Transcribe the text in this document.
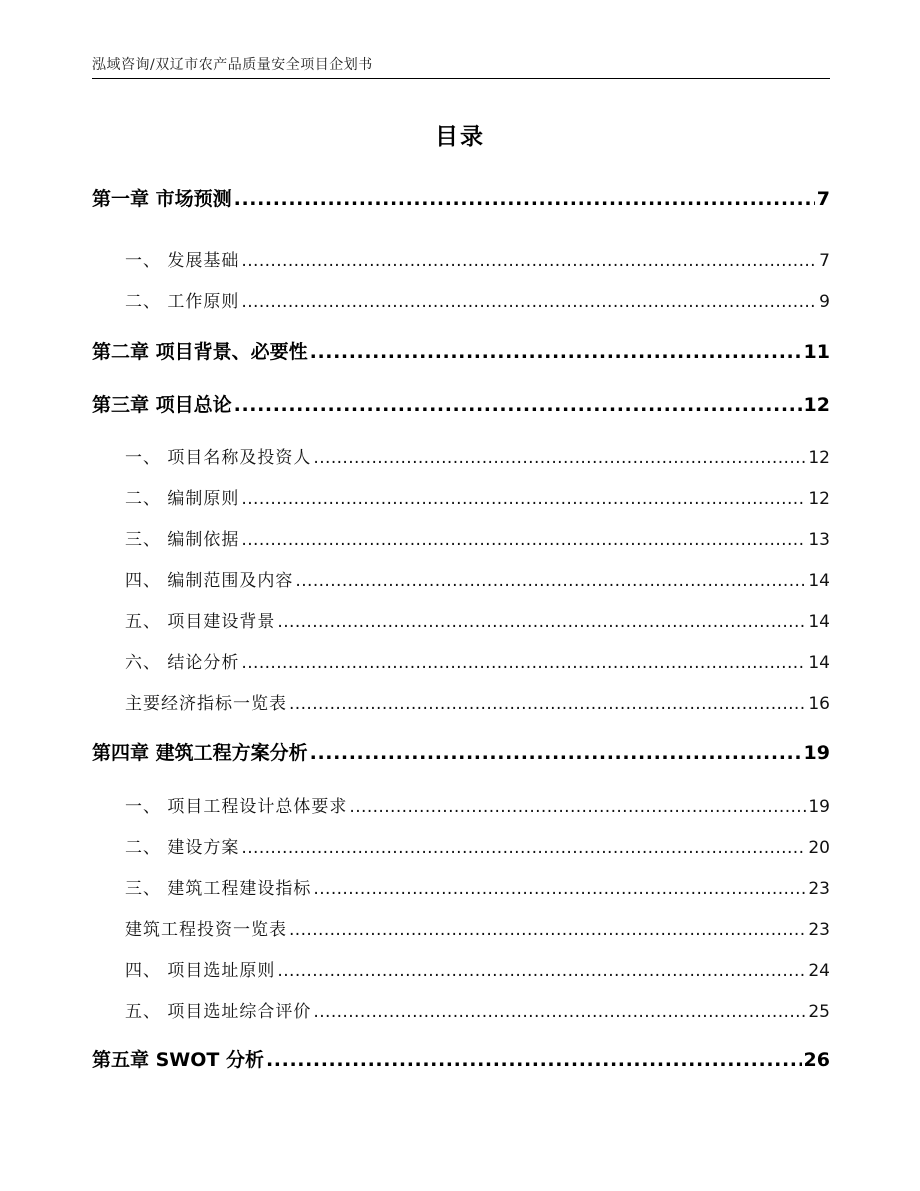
泓域咨询/双辽市农产品质量安全项目企划书
目录
第一章 市场预测 .....	7
一、 发展基础 .....	7
二、 工作原则 .....	9
第二章 项目背景、必要性 .....	11
第三章 项目总论 .....	12
一、 项目名称及投资人 .....	12
二、 编制原则 .....	12
三、 编制依据 .....	13
四、 编制范围及内容 .....	14
五、 项目建设背景 .....	14
六、 结论分析 .....	14
主要经济指标一览表 .....	16
第四章 建筑工程方案分析 .....	19
一、 项目工程设计总体要求 .....	19
二、 建设方案 .....	20
三、 建筑工程建设指标 .....	23
建筑工程投资一览表 .....	23
四、 项目选址原则 .....	24
五、 项目选址综合评价 .....	25
第五章 SWOT 分析 .....	26
